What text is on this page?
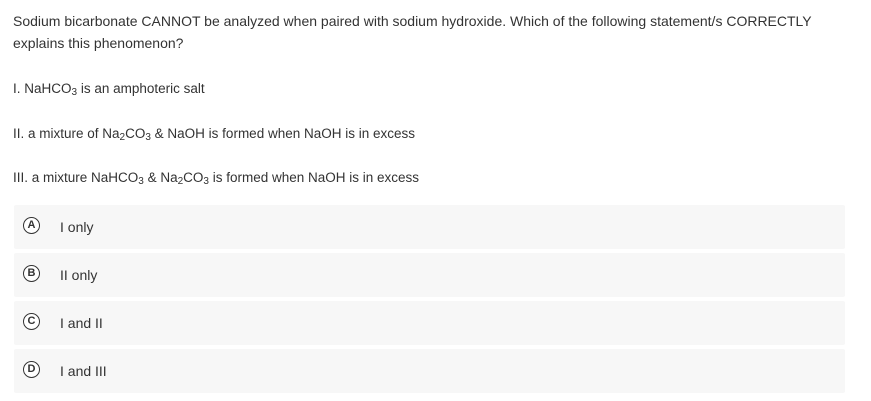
Sodium bicarbonate CANNOT be analyzed when paired with sodium hydroxide. Which of the following statement/s CORRECTLY explains this phenomenon?
I. NaHCO$_3$ is an amphoteric salt
II. a mixture of $Na_2CO_3$ & NaOH is formed when NaOH is in excess
III. a mixture NaHCO$_3$ & $Na_2CO_3$ is formed when NaOH is in excess
A	I only
B	II only
C	I and II
D	I and III
